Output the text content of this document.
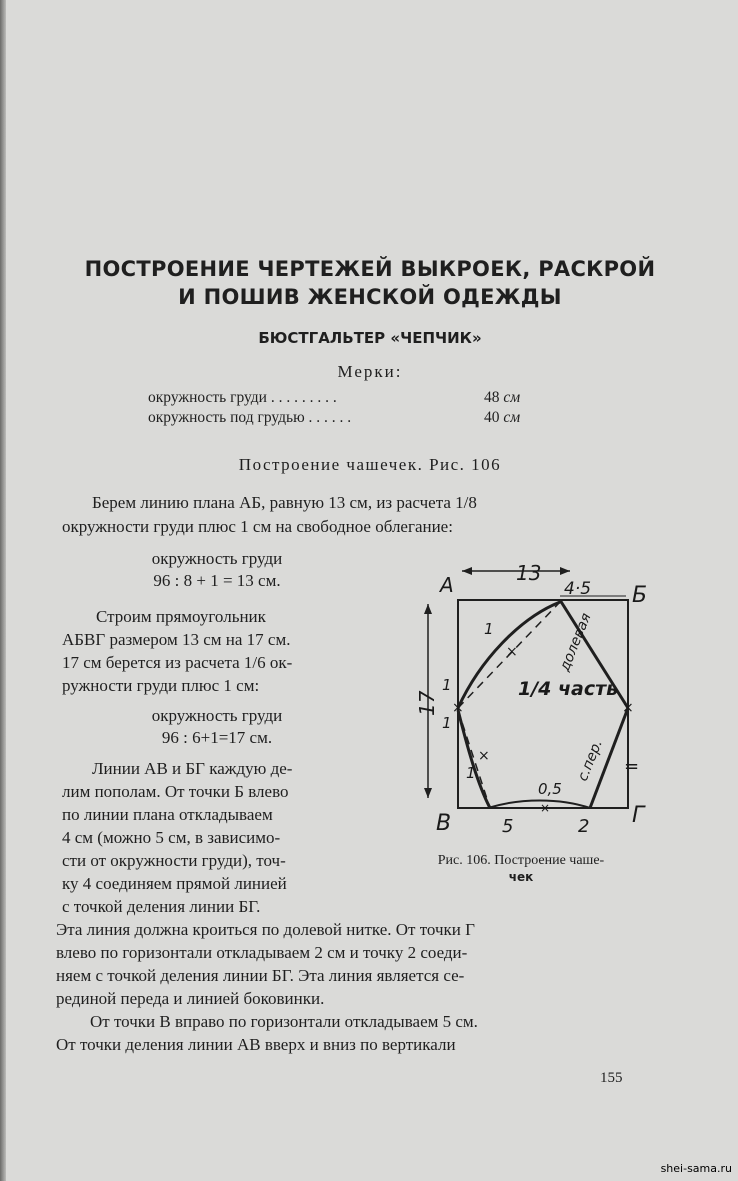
ПОСТРОЕНИЕ ЧЕРТЕЖЕЙ ВЫКРОЕК, РАСКРОЙ
И ПОШИВ ЖЕНСКОЙ ОДЕЖДЫ
БЮСТГАЛЬТЕР «ЧЕПЧИК»
Мерки:
окружность груди . . . . . . . . .	48 см
окружность под грудью . . . . . .	40 см
Построение чашечек. Рис. 106
Берем линию плана АБ, равную 13 см, из расчета 1/8
окружности груди плюс 1 см на свободное облегание:
окружность груди
96 : 8 + 1 = 13 см.
Строим прямоугольник
АБВГ размером 13 см на 17 см.
17 см берется из расчета 1/6 ок-
ружности груди плюс 1 см:
окружность груди
96 : 6+1=17 см.
Линии АВ и БГ каждую де-
лим пополам. От точки Б влево
по линии плана откладываем
4 см (можно 5 см, в зависимо-
сти от окружности груди), точ-
ку 4 соединяем прямой линией
с точкой деления линии БГ.
Эта линия должна кроиться по долевой нитке. От точки Г
влево по горизонтали откладываем 2 см и точку 2 соеди-
няем с точкой деления линии БГ. Эта линия является се-
рединой переда и линией боковинки.
От точки В вправо по горизонтали откладываем 5 см.
От точки деления линии АВ вверх и вниз по вертикали
×
×	×
×
×
=
А	Б
В	Г
13
4·5
17
5	2
0,5
1/4 часть
долевая
с.пер.
1
1
1
1
Рис. 106. Построение чаше-
чек
155
shei-sama.ru
